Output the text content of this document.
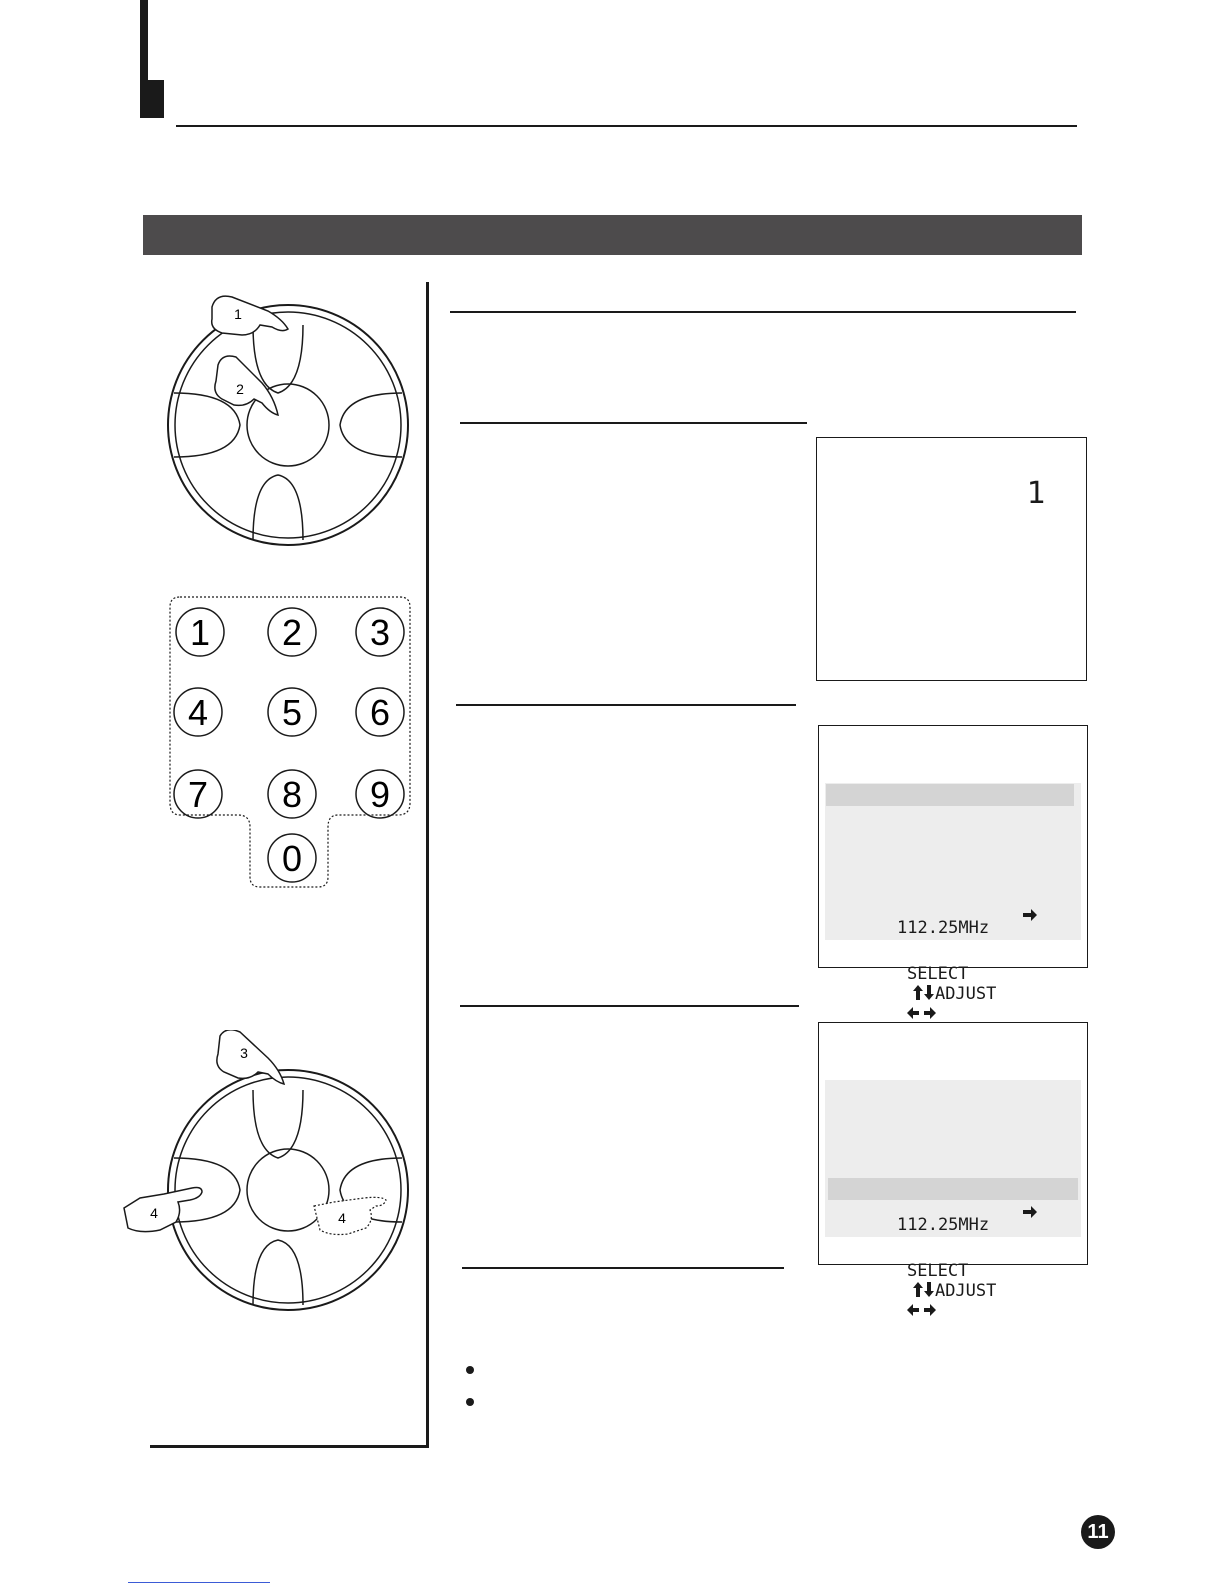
1
2
1 2 3
4 5 6
7 8 9
0
3
4	4
1
112.25MHz

SELECT
ADJUST

112.25MHz

SELECT
ADJUST

11
